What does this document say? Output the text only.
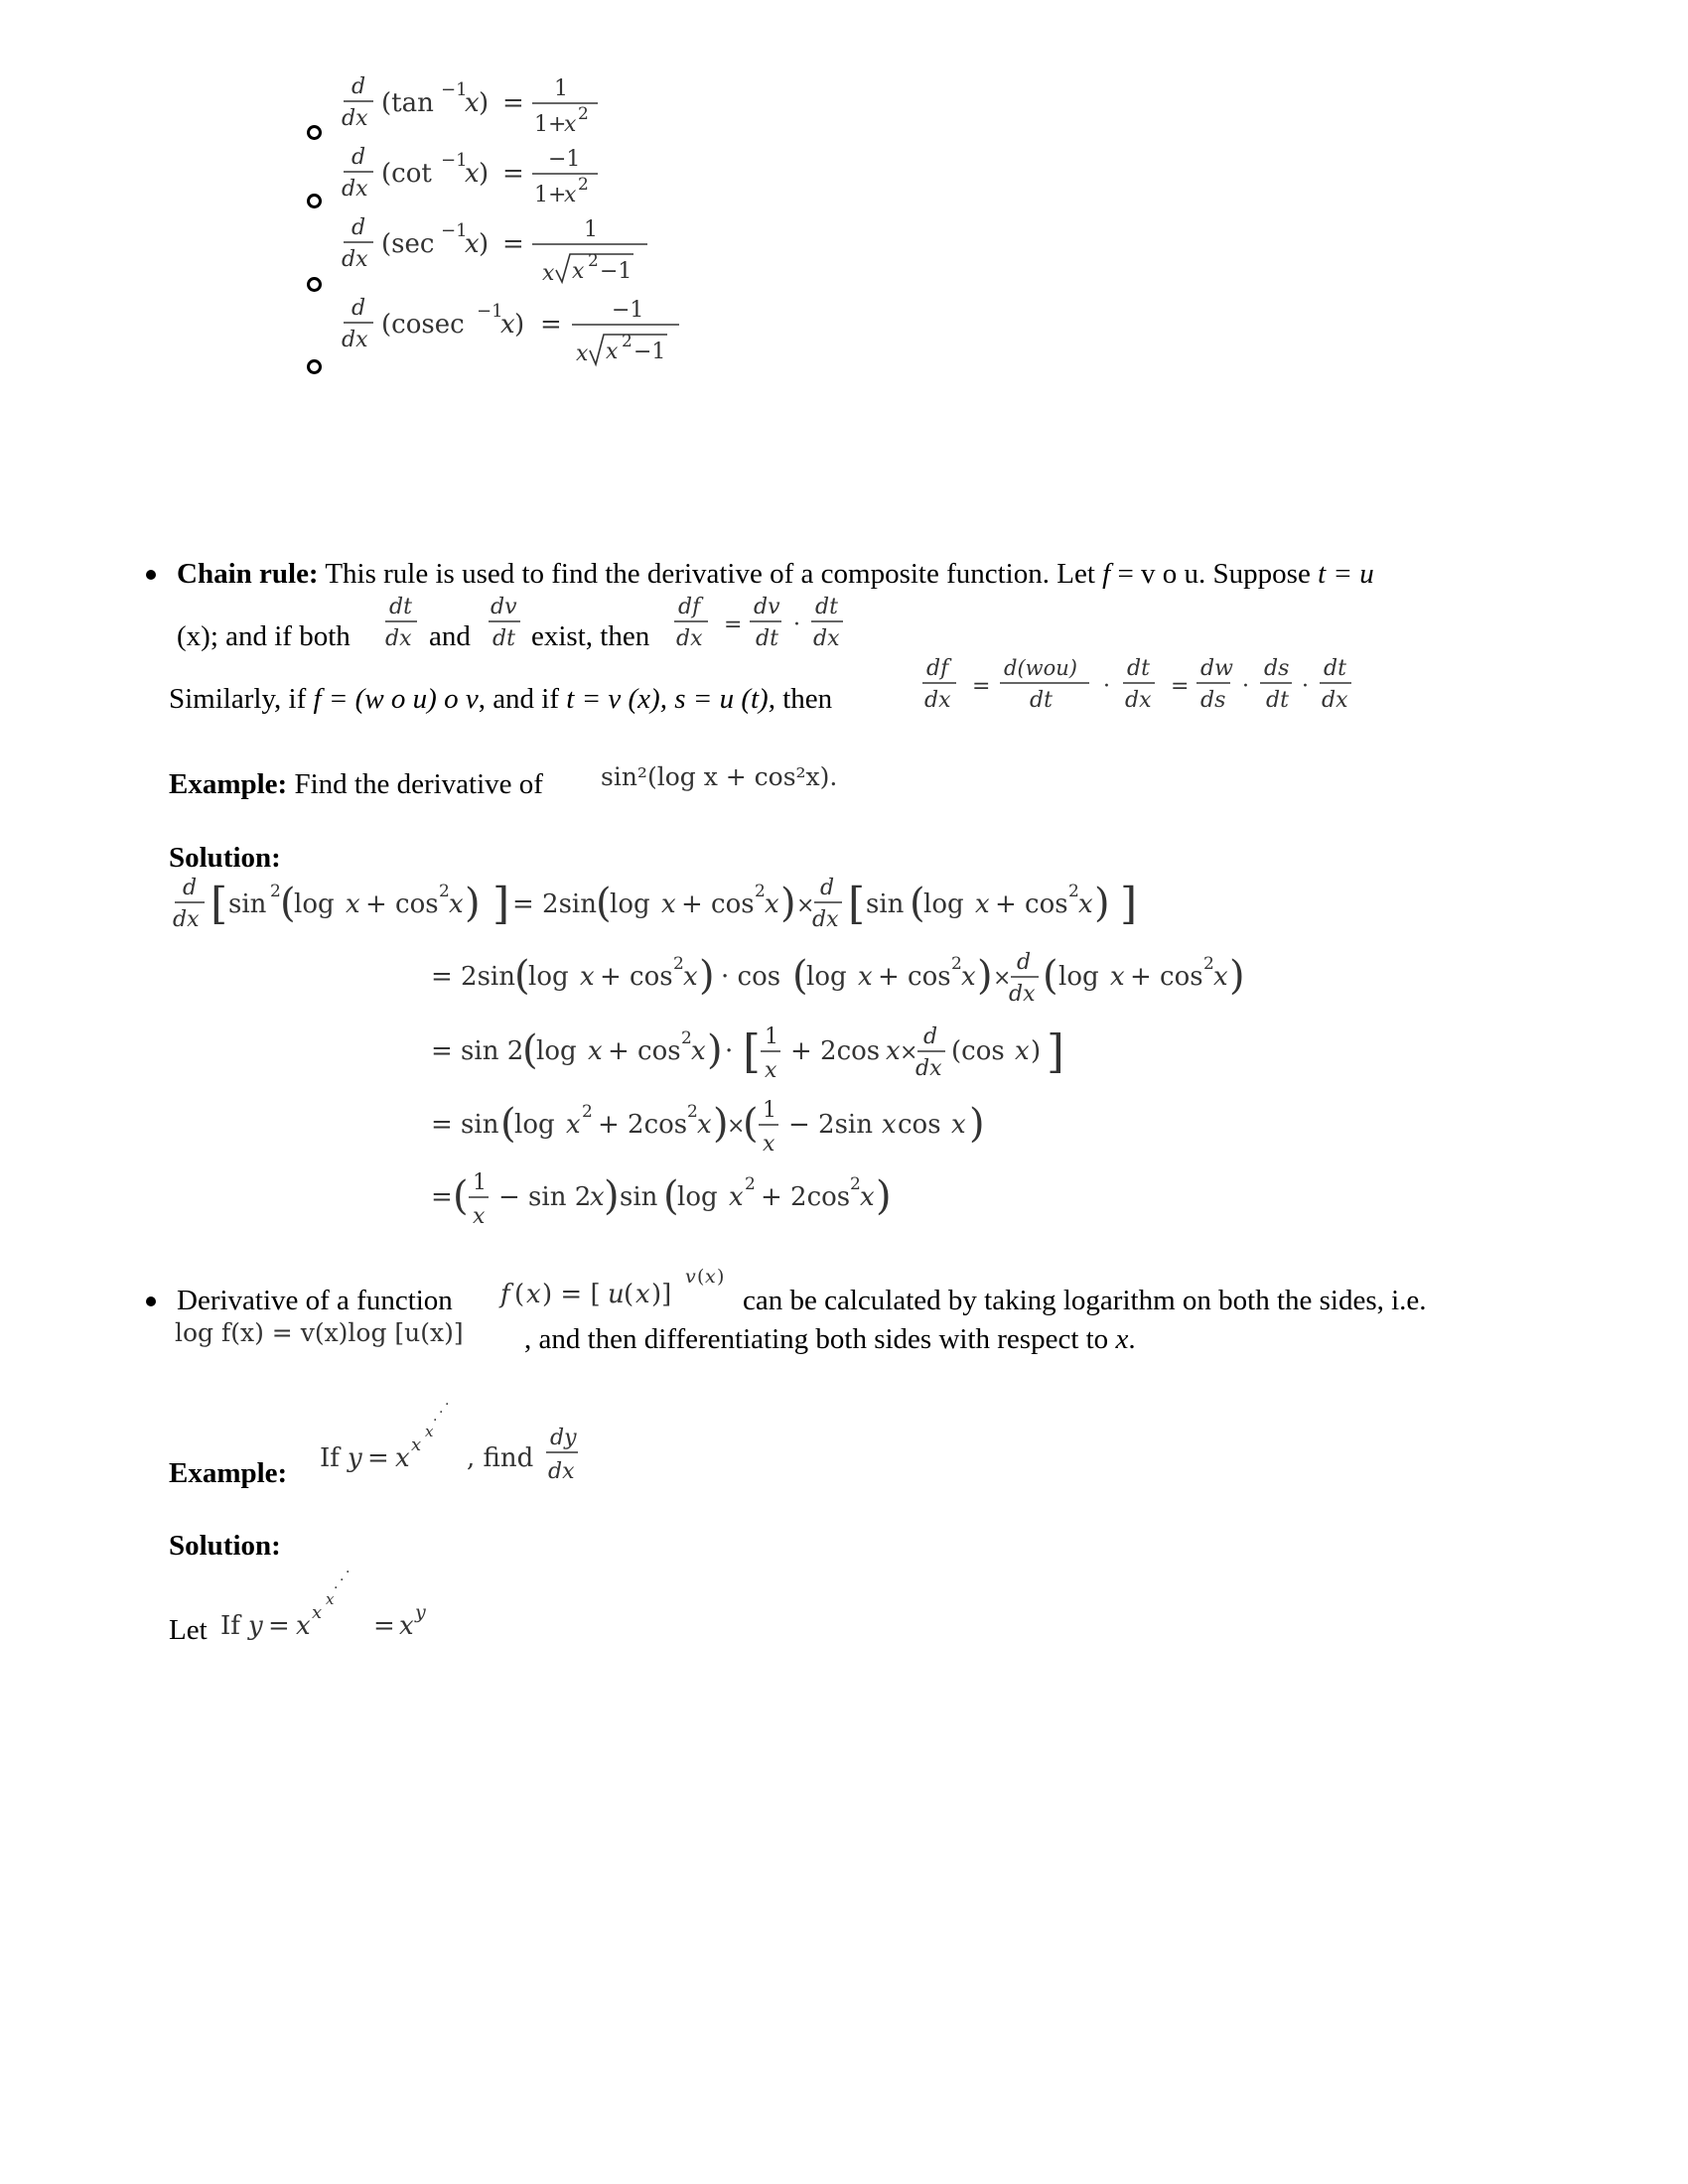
d
dx
(tan −1
x ) = 1
1+
x 2
d
dx
(cot −1
x ) = −1
1+
x 2
d
dx
(sec −1
x ) =	1
x x 2 −1
d
dx
(cosec −1
x ) = −1
x x 2 −1
Chain rule: This rule is used to find the derivative of a composite function. Let f = v o u. Suppose t = u
(x); and if both
dt
dx and
dv
dt exist, then
df
dx
=
dv
dt
·
dt
dx
Similarly, if f = (w o u) o v, and if t = v (x), s = u (t), then
df
dx
=
d(wou)
dt
·
dt
dx
=
dw
ds
·
ds
dt
·
dt
dx
Example: Find the derivative of sin²(log x + cos²x).
Solution:
d
dx [ sin 2 (
log x + cos 2 x ) ] = 2sin (
log x + cos 2 x ) ×
d
dx [ sin (
log x + cos 2 x ) ]
= 2sin (
log x + cos 2 x ) · cos (
log x + cos 2 x ) ×
d
dx ( log x + cos 2 x )
= sin 2
(
log x + cos 2 x ) · [ 1
x
+ 2cos x ×
d
dx
(cos x ) ]
= sin (
log x 2 + 2cos 2 x )
×
( 1
x
− 2sin x cos x )
= ( 1
x
− sin 2
x ) sin (
log x 2 + 2cos 2 x )
Derivative of a function f ( x ) = [ u ( x )]
v ( x )
can be calculated by taking logarithm on both the sides, i.e.
log f(x) = v(x)log [u(x)] , and then differentiating both sides with respect to x.
Example: If y = x x
x
· · ·
, find
dy
dx
Solution:
Let If y = x x
x
· · ·
= x y
